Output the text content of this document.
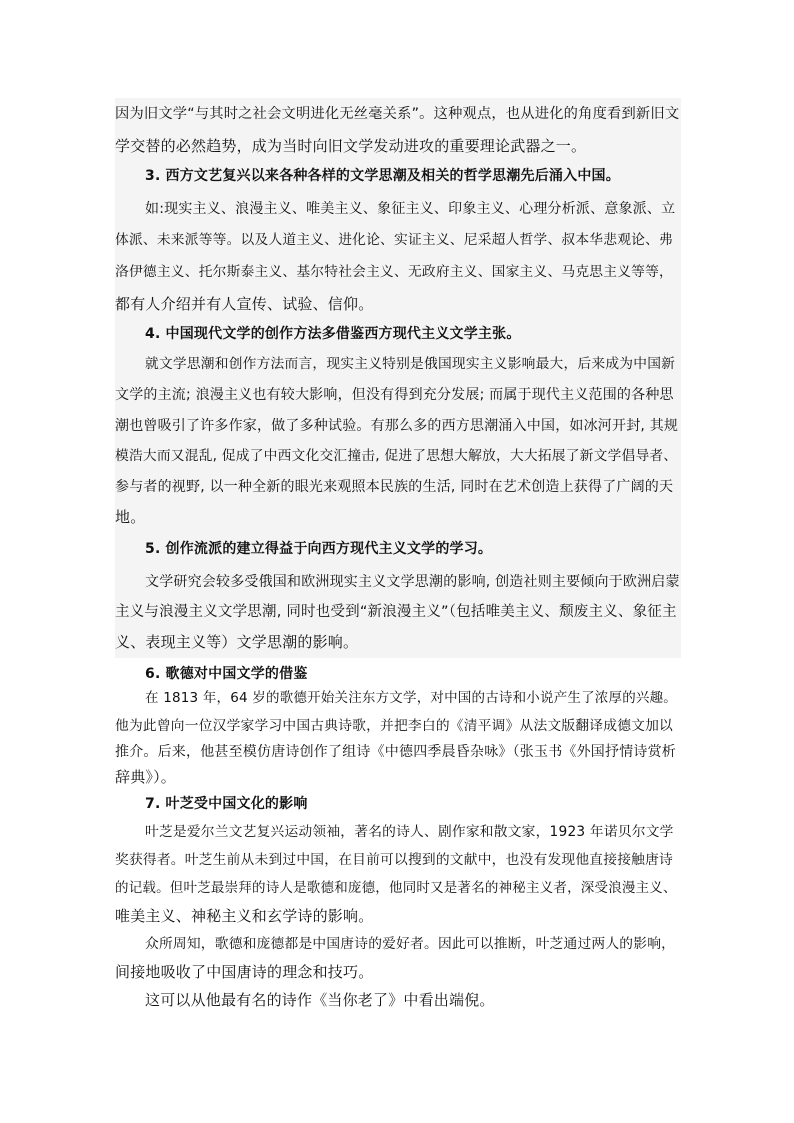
因为旧文学“与其时之社会文明进化无丝毫关系”。这种观点，也从进化的角度看到新旧文
学交替的必然趋势，成为当时向旧文学发动进攻的重要理论武器之一。
3. 西方文艺复兴以来各种各样的文学思潮及相关的哲学思潮先后涌入中国。
如:现实主义、浪漫主义、唯美主义、象征主义、印象主义、心理分析派、意象派、立
体派、未来派等等。以及人道主义、进化论、实证主义、尼采超人哲学、叔本华悲观论、弗
洛伊德主义、托尔斯泰主义、基尔特社会主义、无政府主义、国家主义、马克思主义等等，
都有人介绍并有人宣传、试验、信仰。
4. 中国现代文学的创作方法多借鉴西方现代主义文学主张。
就文学思潮和创作方法而言，现实主义特别是俄国现实主义影响最大，后来成为中国新
文学的主流; 浪漫主义也有较大影响，但没有得到充分发展; 而属于现代主义范围的各种思
潮也曾吸引了许多作家，做了多种试验。有那么多的西方思潮涌入中国，如冰河开封, 其规
模浩大而又混乱, 促成了中西文化交汇撞击, 促进了思想大解放，大大拓展了新文学倡导者、
参与者的视野, 以一种全新的眼光来观照本民族的生活, 同时在艺术创造上获得了广阔的天
地。
5. 创作流派的建立得益于向西方现代主义文学的学习。
文学研究会较多受俄国和欧洲现实主义文学思潮的影响, 创造社则主要倾向于欧洲启蒙
主义与浪漫主义文学思潮, 同时也受到“新浪漫主义”（包括唯美主义、颓废主义、象征主
义、表现主义等）文学思潮的影响。
6. 歌德对中国文学的借鉴
在 1813 年，64 岁的歌德开始关注东方文学，对中国的古诗和小说产生了浓厚的兴趣。
他为此曾向一位汉学家学习中国古典诗歌，并把李白的《清平调》从法文版翻译成德文加以
推介。后来，他甚至模仿唐诗创作了组诗《中德四季晨昏杂咏》（张玉书《外国抒情诗赏析
辞典》）。
7. 叶芝受中国文化的影响
叶芝是爱尔兰文艺复兴运动领袖，著名的诗人、剧作家和散文家，1923 年诺贝尔文学
奖获得者。叶芝生前从未到过中国，在目前可以搜到的文献中，也没有发现他直接接触唐诗
的记载。但叶芝最崇拜的诗人是歌德和庞德，他同时又是著名的神秘主义者，深受浪漫主义、
唯美主义、神秘主义和玄学诗的影响。
众所周知，歌德和庞德都是中国唐诗的爱好者。因此可以推断，叶芝通过两人的影响，
间接地吸收了中国唐诗的理念和技巧。
这可以从他最有名的诗作《当你老了》中看出端倪。
